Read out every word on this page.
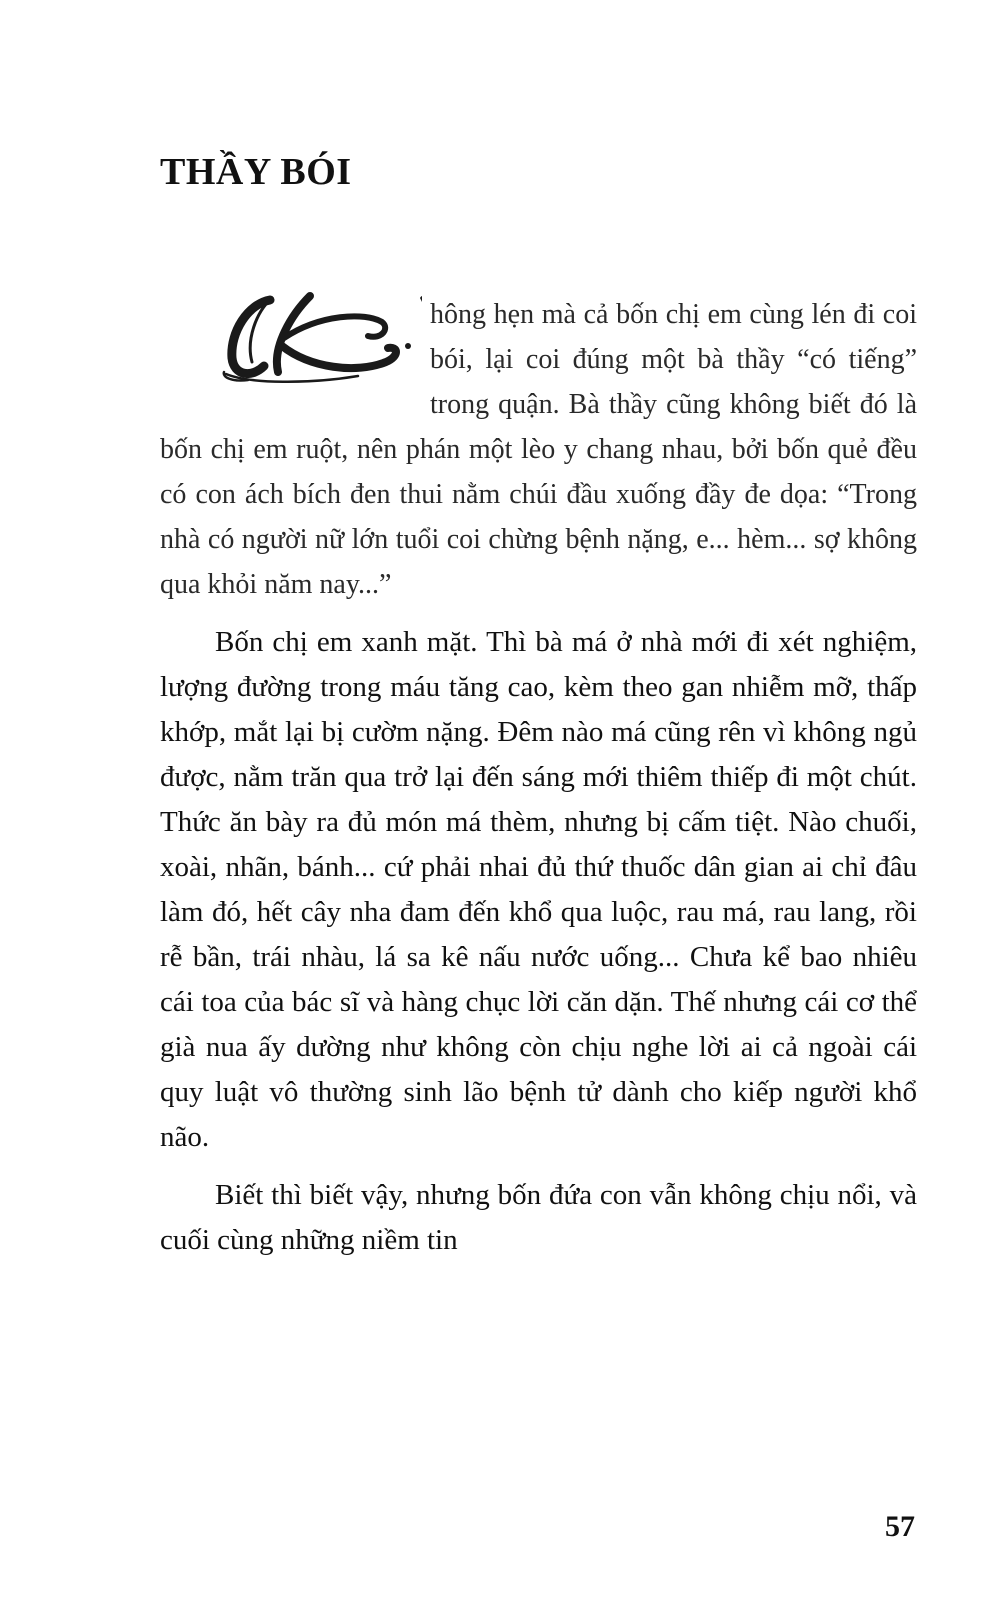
THẦY BÓI

hông hẹn mà cả bốn chị em cùng lén đi coi bói, lại coi đúng một bà thầy “có tiếng” trong quận. Bà thầy cũng không biết đó là bốn chị em ruột, nên phán một lèo y chang nhau, bởi bốn quẻ đều có con ách bích đen thui nằm chúi đầu xuống đầy đe dọa: “Trong nhà có người nữ lớn tuổi coi chừng bệnh nặng, e... hèm... sợ không qua khỏi năm nay...”

Bốn chị em xanh mặt. Thì bà má ở nhà mới đi xét nghiệm, lượng đường trong máu tăng cao, kèm theo gan nhiễm mỡ, thấp khớp, mắt lại bị cườm nặng. Đêm nào má cũng rên vì không ngủ được, nằm trăn qua trở lại đến sáng mới thiêm thiếp đi một chút. Thức ăn bày ra đủ món má thèm, nhưng bị cấm tiệt. Nào chuối, xoài, nhãn, bánh... cứ phải nhai đủ thứ thuốc dân gian ai chỉ đâu làm đó, hết cây nha đam đến khổ qua luộc, rau má, rau lang, rồi rễ bần, trái nhàu, lá sa kê nấu nước uống... Chưa kể bao nhiêu cái toa của bác sĩ và hàng chục lời căn dặn. Thế nhưng cái cơ thể già nua ấy dường như không còn chịu nghe lời ai cả ngoài cái quy luật vô thường sinh lão bệnh tử dành cho kiếp người khổ não.

Biết thì biết vậy, nhưng bốn đứa con vẫn không chịu nổi, và cuối cùng những niềm tin

57
